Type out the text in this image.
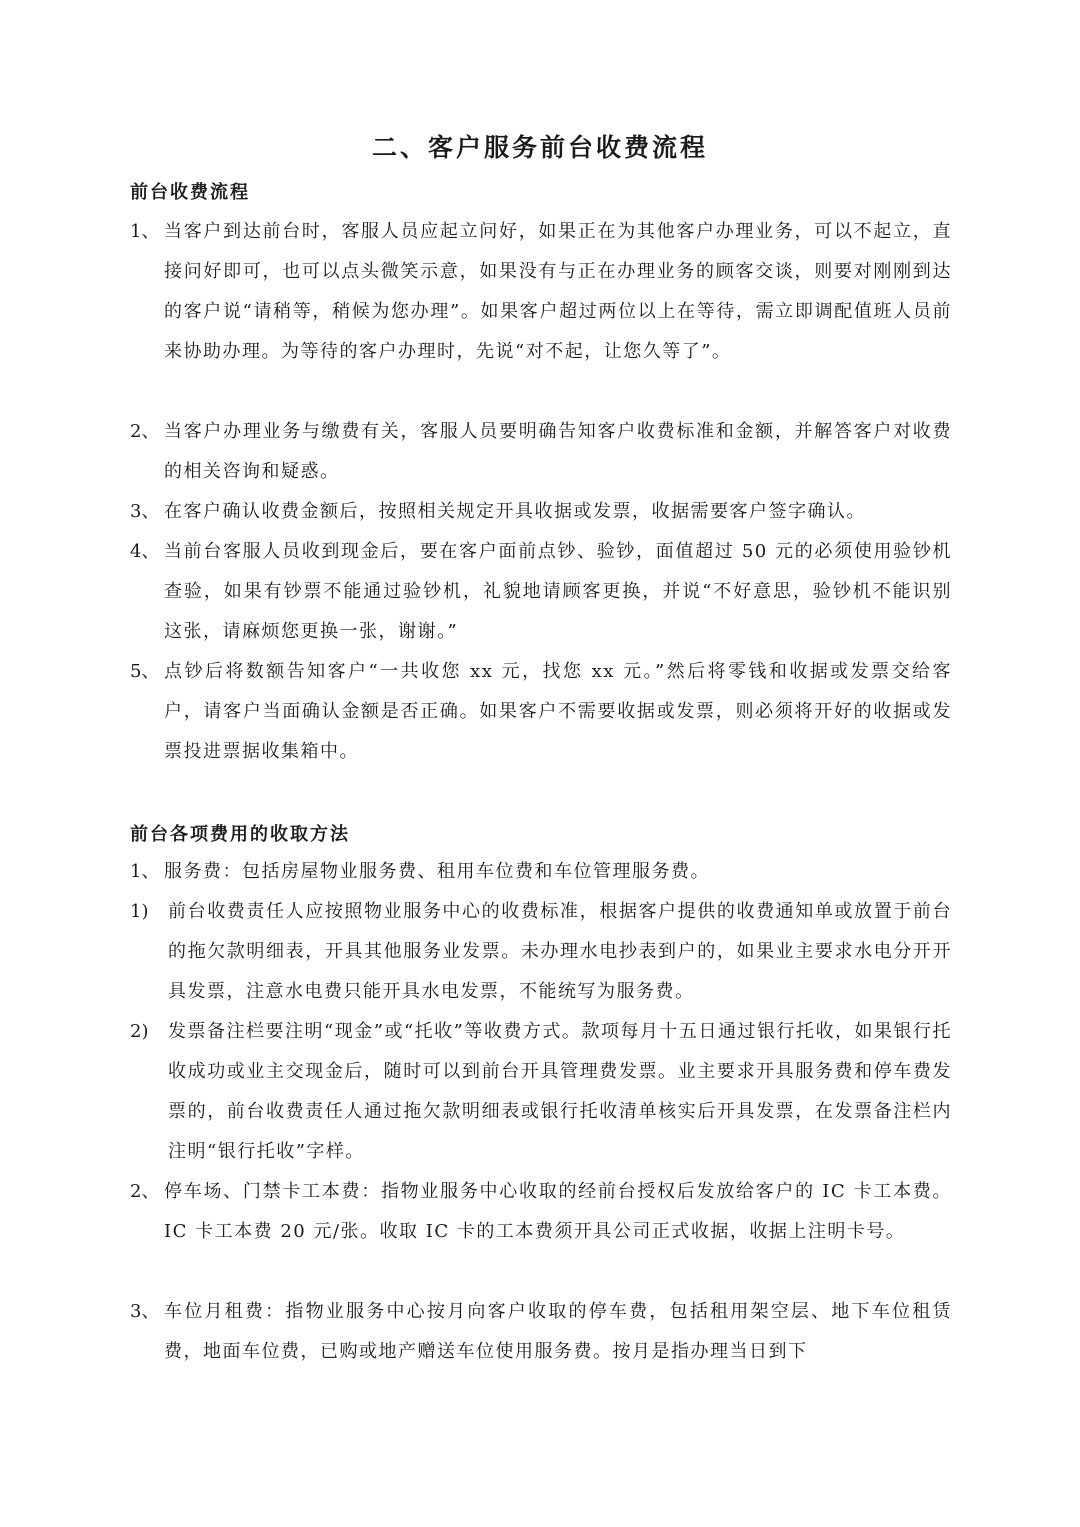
二、客户服务前台收费流程
前台收费流程
1、 当客户到达前台时，客服人员应起立问好，如果正在为其他客户办理业务，可以不起立，直接问好即可，也可以点头微笑示意，如果没有与正在办理业务的顾客交谈，则要对刚刚到达的客户说“请稍等，稍候为您办理”。如果客户超过两位以上在等待，需立即调配值班人员前来协助办理。为等待的客户办理时，先说“对不起，让您久等了”。
2、 当客户办理业务与缴费有关，客服人员要明确告知客户收费标准和金额，并解答客户对收费的相关咨询和疑惑。
3、 在客户确认收费金额后，按照相关规定开具收据或发票，收据需要客户签字确认。
4、 当前台客服人员收到现金后，要在客户面前点钞、验钞，面值超过 50 元的必须使用验钞机查验，如果有钞票不能通过验钞机，礼貌地请顾客更换，并说“不好意思，验钞机不能识别这张，请麻烦您更换一张，谢谢。”
5、 点钞后将数额告知客户“一共收您 xx 元，找您 xx 元。”然后将零钱和收据或发票交给客户，请客户当面确认金额是否正确。如果客户不需要收据或发票，则必须将开好的收据或发票投进票据收集箱中。
前台各项费用的收取方法
1、 服务费：包括房屋物业服务费、租用车位费和车位管理服务费。
1) 前台收费责任人应按照物业服务中心的收费标准，根据客户提供的收费通知单或放置于前台的拖欠款明细表，开具其他服务业发票。未办理水电抄表到户的，如果业主要求水电分开开具发票，注意水电费只能开具水电发票，不能统写为服务费。
2) 发票备注栏要注明“现金”或“托收”等收费方式。款项每月十五日通过银行托收，如果银行托收成功或业主交现金后，随时可以到前台开具管理费发票。业主要求开具服务费和停车费发票的，前台收费责任人通过拖欠款明细表或银行托收清单核实后开具发票，在发票备注栏内注明“银行托收”字样。
2、 停车场、门禁卡工本费：指物业服务中心收取的经前台授权后发放给客户的 IC 卡工本费。IC 卡工本费 20 元/张。收取 IC 卡的工本费须开具公司正式收据，收据上注明卡号。
3、 车位月租费：指物业服务中心按月向客户收取的停车费，包括租用架空层、地下车位租赁费，地面车位费，已购或地产赠送车位使用服务费。按月是指办理当日到下
